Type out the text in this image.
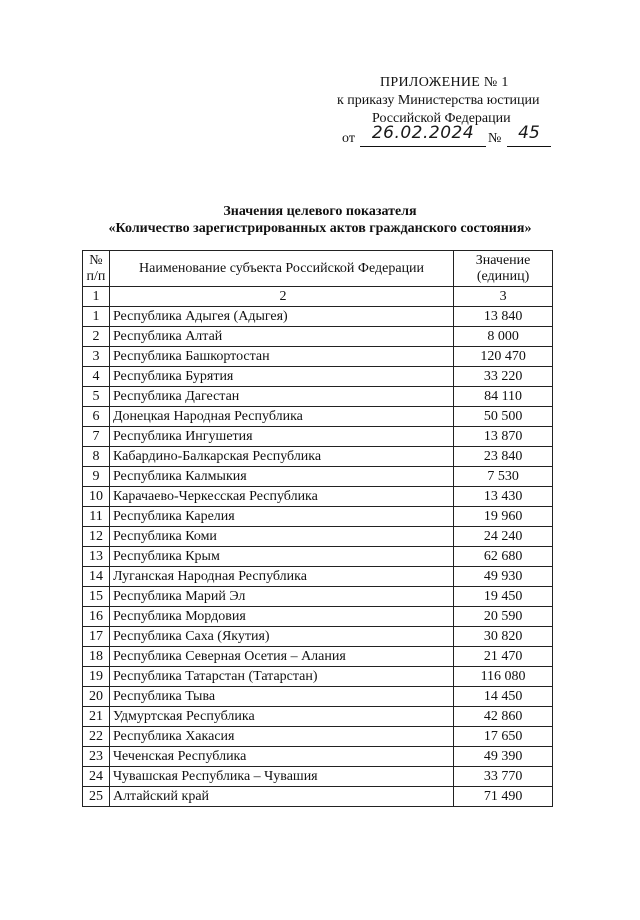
ПРИЛОЖЕНИЕ № 1
к приказу Министерства юстиции
Российской Федерации
от 26.02.2024 № 45
Значения целевого показателя
«Количество зарегистрированных актов гражданского состояния»
№ п/п	Наименование субъекта Российской Федерации	Значение (единиц)
1	2	3
1	Республика Адыгея (Адыгея)	13 840
2	Республика Алтай	8 000
3	Республика Башкортостан	120 470
4	Республика Бурятия	33 220
5	Республика Дагестан	84 110
6	Донецкая Народная Республика	50 500
7	Республика Ингушетия	13 870
8	Кабардино-Балкарская Республика	23 840
9	Республика Калмыкия	7 530
10	Карачаево-Черкесская Республика	13 430
11	Республика Карелия	19 960
12	Республика Коми	24 240
13	Республика Крым	62 680
14	Луганская Народная Республика	49 930
15	Республика Марий Эл	19 450
16	Республика Мордовия	20 590
17	Республика Саха (Якутия)	30 820
18	Республика Северная Осетия – Алания	21 470
19	Республика Татарстан (Татарстан)	116 080
20	Республика Тыва	14 450
21	Удмуртская Республика	42 860
22	Республика Хакасия	17 650
23	Чеченская Республика	49 390
24	Чувашская Республика – Чувашия	33 770
25	Алтайский край	71 490
